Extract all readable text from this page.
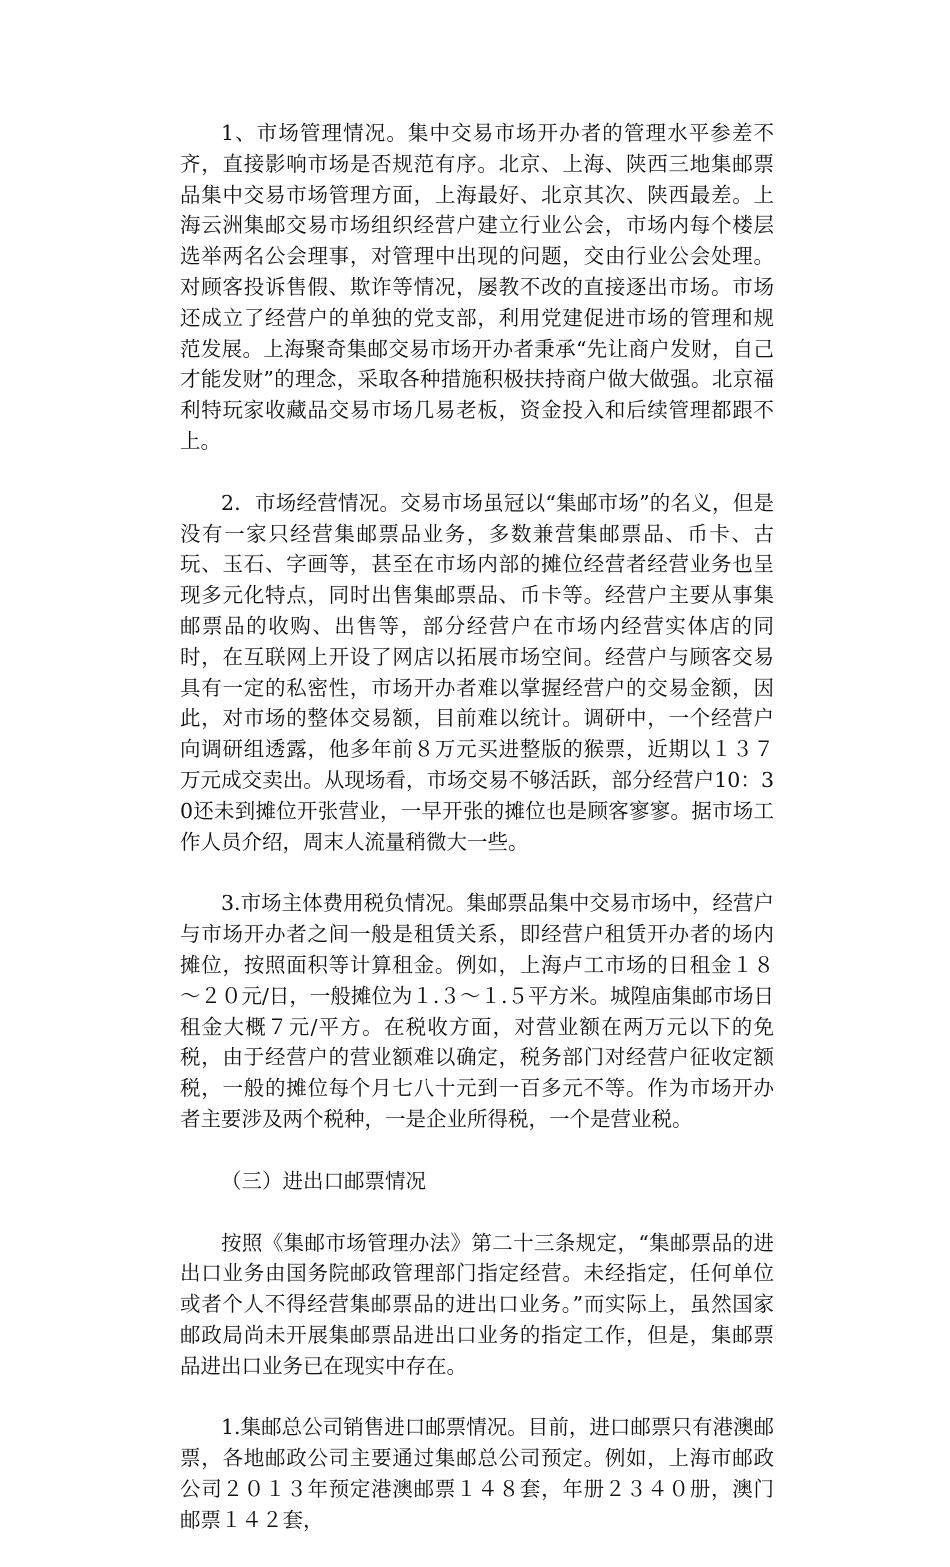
1、市场管理情况。集中交易市场开办者的管理水平参差不齐，直接影响市场是否规范有序。北京、上海、陕西三地集邮票品集中交易市场管理方面，上海最好、北京其次、陕西最差。上海云洲集邮交易市场组织经营户建立行业公会，市场内每个楼层选举两名公会理事，对管理中出现的问题，交由行业公会处理。对顾客投诉售假、欺诈等情况，屡教不改的直接逐出市场。市场还成立了经营户的单独的党支部，利用党建促进市场的管理和规范发展。上海聚奇集邮交易市场开办者秉承“先让商户发财，自己才能发财”的理念，采取各种措施积极扶持商户做大做强。北京福利特玩家收藏品交易市场几易老板，资金投入和后续管理都跟不上。

2．市场经营情况。交易市场虽冠以“集邮市场”的名义，但是没有一家只经营集邮票品业务，多数兼营集邮票品、币卡、古玩、玉石、字画等，甚至在市场内部的摊位经营者经营业务也呈现多元化特点，同时出售集邮票品、币卡等。经营户主要从事集邮票品的收购、出售等，部分经营户在市场内经营实体店的同时，在互联网上开设了网店以拓展市场空间。经营户与顾客交易具有一定的私密性，市场开办者难以掌握经营户的交易金额，因此，对市场的整体交易额，目前难以统计。调研中，一个经营户向调研组透露，他多年前８万元买进整版的猴票，近期以１３７万元成交卖出。从现场看，市场交易不够活跃，部分经营户10：30还未到摊位开张营业，一早开张的摊位也是顾客寥寥。据市场工作人员介绍，周末人流量稍微大一些。

3.市场主体费用税负情况。集邮票品集中交易市场中，经营户与市场开办者之间一般是租赁关系，即经营户租赁开办者的场内摊位，按照面积等计算租金。例如，上海卢工市场的日租金１８～２０元/日，一般摊位为１.３～１.５平方米。城隍庙集邮市场日租金大概７元/平方。在税收方面，对营业额在两万元以下的免税，由于经营户的营业额难以确定，税务部门对经营户征收定额税，一般的摊位每个月七八十元到一百多元不等。作为市场开办者主要涉及两个税种，一是企业所得税，一个是营业税。

（三）进出口邮票情况

按照《集邮市场管理办法》第二十三条规定，“集邮票品的进出口业务由国务院邮政管理部门指定经营。未经指定，任何单位或者个人不得经营集邮票品的进出口业务。”而实际上，虽然国家邮政局尚未开展集邮票品进出口业务的指定工作，但是，集邮票品进出口业务已在现实中存在。

1.集邮总公司销售进口邮票情况。目前，进口邮票只有港澳邮票，各地邮政公司主要通过集邮总公司预定。例如，上海市邮政公司２０１３年预定港澳邮票１４８套，年册２３４０册，澳门邮票１４２套，
